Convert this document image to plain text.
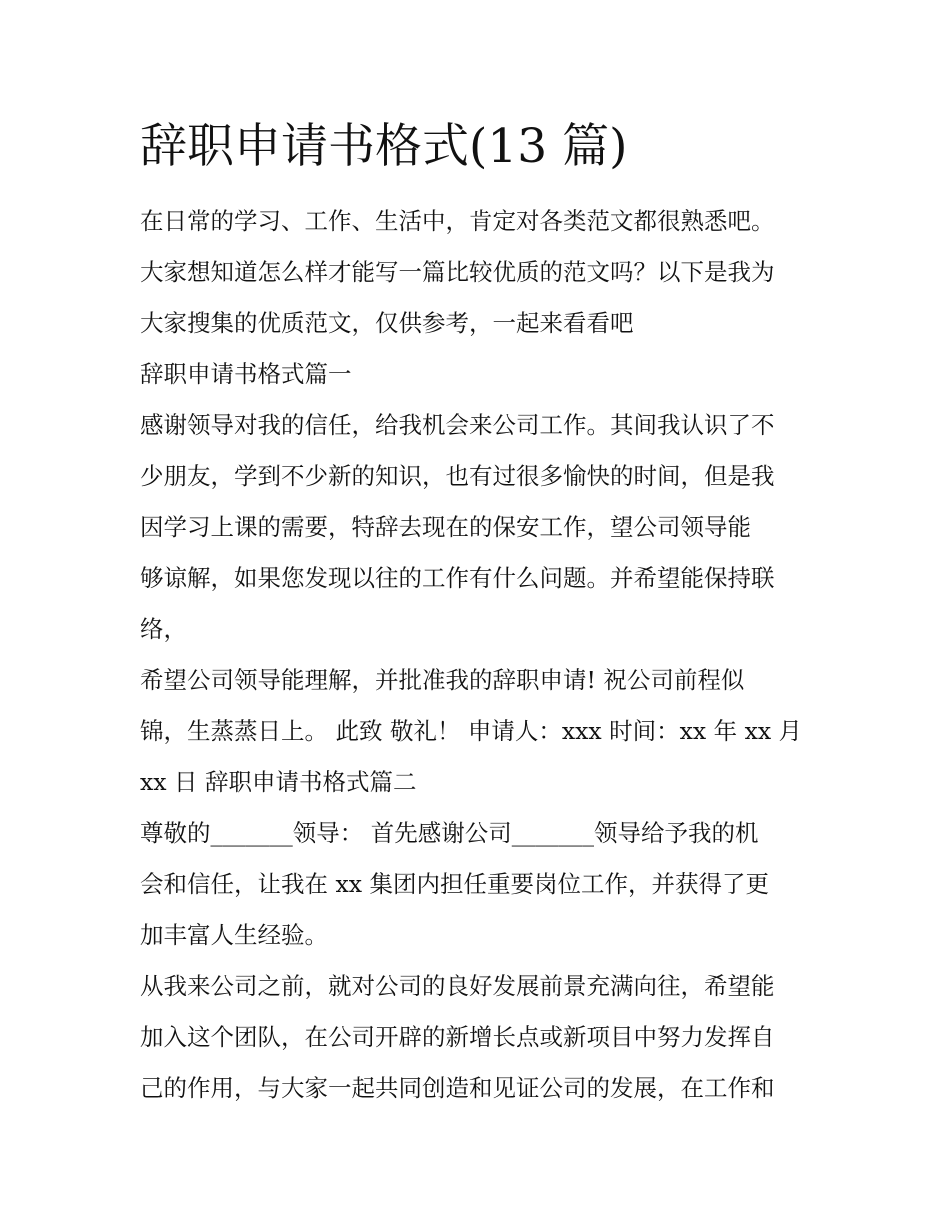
辞职申请书格式(13 篇)

在日常的学习、工作、生活中，肯定对各类范文都很熟悉吧。

大家想知道怎么样才能写一篇比较优质的范文吗？以下是我为

大家搜集的优质范文，仅供参考，一起来看看吧

辞职申请书格式篇一

感谢领导对我的信任，给我机会来公司工作。其间我认识了不

少朋友，学到不少新的知识，也有过很多愉快的时间，但是我

因学习上课的需要，特辞去现在的保安工作，望公司领导能

够谅解，如果您发现以往的工作有什么问题。并希望能保持联

络，

希望公司领导能理解，并批准我的辞职申请! 祝公司前程似

锦，生蒸蒸日上。 此致 敬礼！ 申请人：xxx 时间：xx 年 xx 月

xx 日 辞职申请书格式篇二

尊敬的_______领导： 首先感谢公司_______领导给予我的机

会和信任，让我在 xx 集团内担任重要岗位工作，并获得了更

加丰富人生经验。

从我来公司之前，就对公司的良好发展前景充满向往，希望能

加入这个团队，在公司开辟的新增长点或新项目中努力发挥自

己的作用，与大家一起共同创造和见证公司的发展，在工作和
